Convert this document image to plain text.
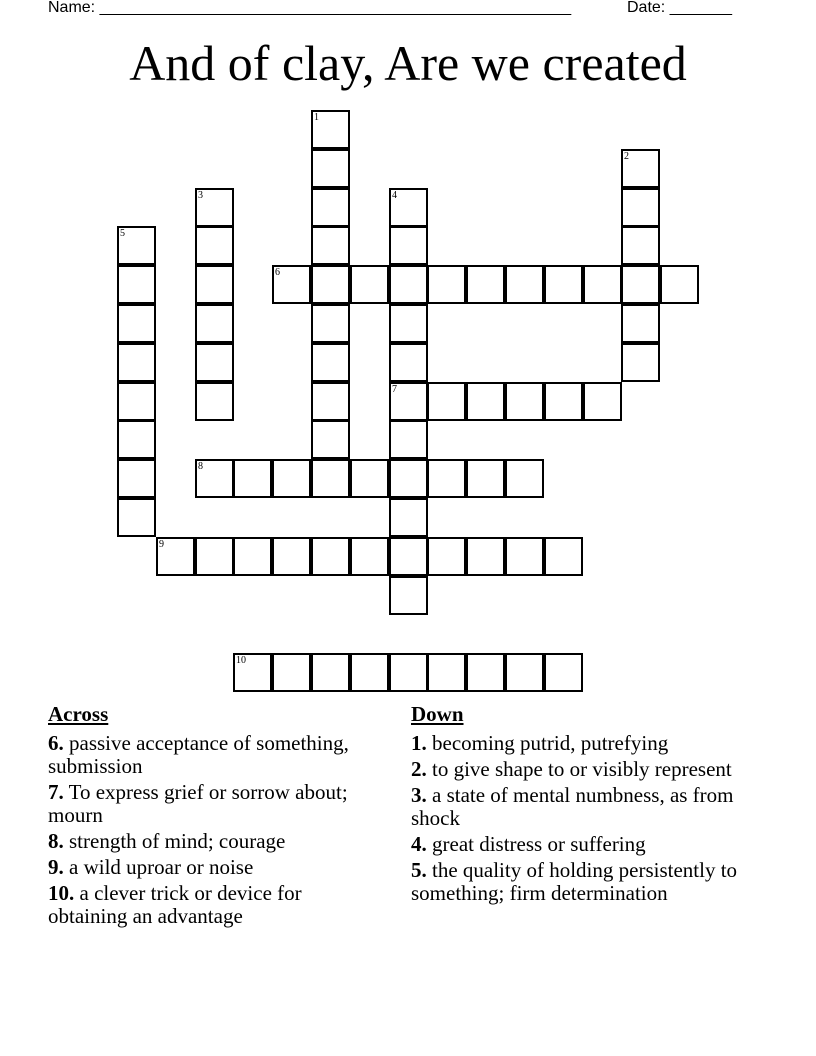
Name: _____________________________________________________	Date: _______
And of clay, Are we created
1
2
3	4
7
5
6
8
9
10
Across
6. passive acceptance of something, submission
7. To express grief or sorrow about; mourn
8. strength of mind; courage
9. a wild uproar or noise
10. a clever trick or device for obtaining an advantage
Down
1. becoming putrid, putrefying
2. to give shape to or visibly represent
3. a state of mental numbness, as from shock
4. great distress or suffering
5. the quality of holding persistently to something; firm determination
